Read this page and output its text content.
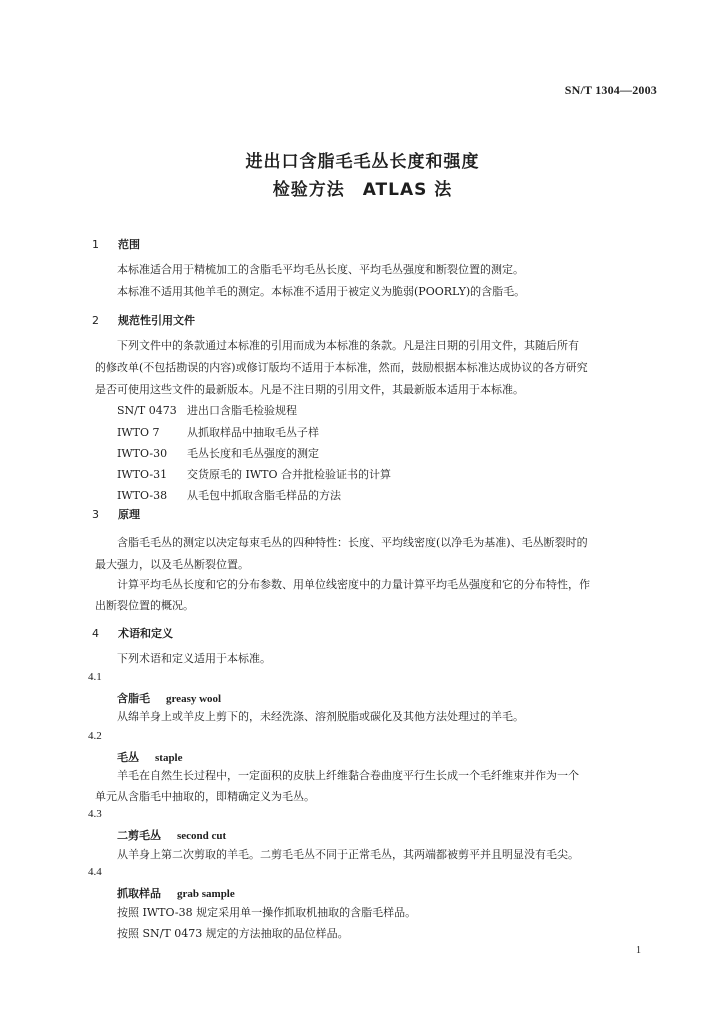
SN/T 1304—2003
进出口含脂毛毛丛长度和强度
检验方法　ATLAS 法
1 范围
本标准适合用于精梳加工的含脂毛平均毛丛长度、平均毛丛强度和断裂位置的测定。
本标准不适用其他羊毛的测定。本标准不适用于被定义为脆弱(POORLY)的含脂毛。
2 规范性引用文件
下列文件中的条款通过本标准的引用而成为本标准的条款。凡是注日期的引用文件，其随后所有
的修改单(不包括勘误的内容)或修订版均不适用于本标准，然而，鼓励根据本标准达成协议的各方研究
是否可使用这些文件的最新版本。凡是不注日期的引用文件，其最新版本适用于本标准。
SN/T 0473 进出口含脂毛检验规程
IWTO 7 从抓取样品中抽取毛丛子样
IWTO-30 毛丛长度和毛丛强度的测定
IWTO-31 交货原毛的 IWTO 合并批检验证书的计算
IWTO-38 从毛包中抓取含脂毛样品的方法
3 原理
含脂毛毛丛的测定以决定每束毛丛的四种特性：长度、平均线密度(以净毛为基准)、毛丛断裂时的
最大强力，以及毛丛断裂位置。
计算平均毛丛长度和它的分布参数、用单位线密度中的力量计算平均毛丛强度和它的分布特性，作
出断裂位置的概况。
4 术语和定义
下列术语和定义适用于本标准。
4.1
含脂毛 greasy wool
从绵羊身上或羊皮上剪下的，未经洗涤、溶剂脱脂或碳化及其他方法处理过的羊毛。
4.2
毛丛 staple
羊毛在自然生长过程中，一定面积的皮肤上纤维黏合卷曲度平行生长成一个毛纤维束并作为一个
单元从含脂毛中抽取的，即精确定义为毛丛。
4.3
二剪毛丛 second cut
从羊身上第二次剪取的羊毛。二剪毛毛丛不同于正常毛丛，其两端都被剪平并且明显没有毛尖。
4.4
抓取样品 grab sample
按照 IWTO-38 规定采用单一操作抓取机抽取的含脂毛样品。
按照 SN/T 0473 规定的方法抽取的品位样品。
1
